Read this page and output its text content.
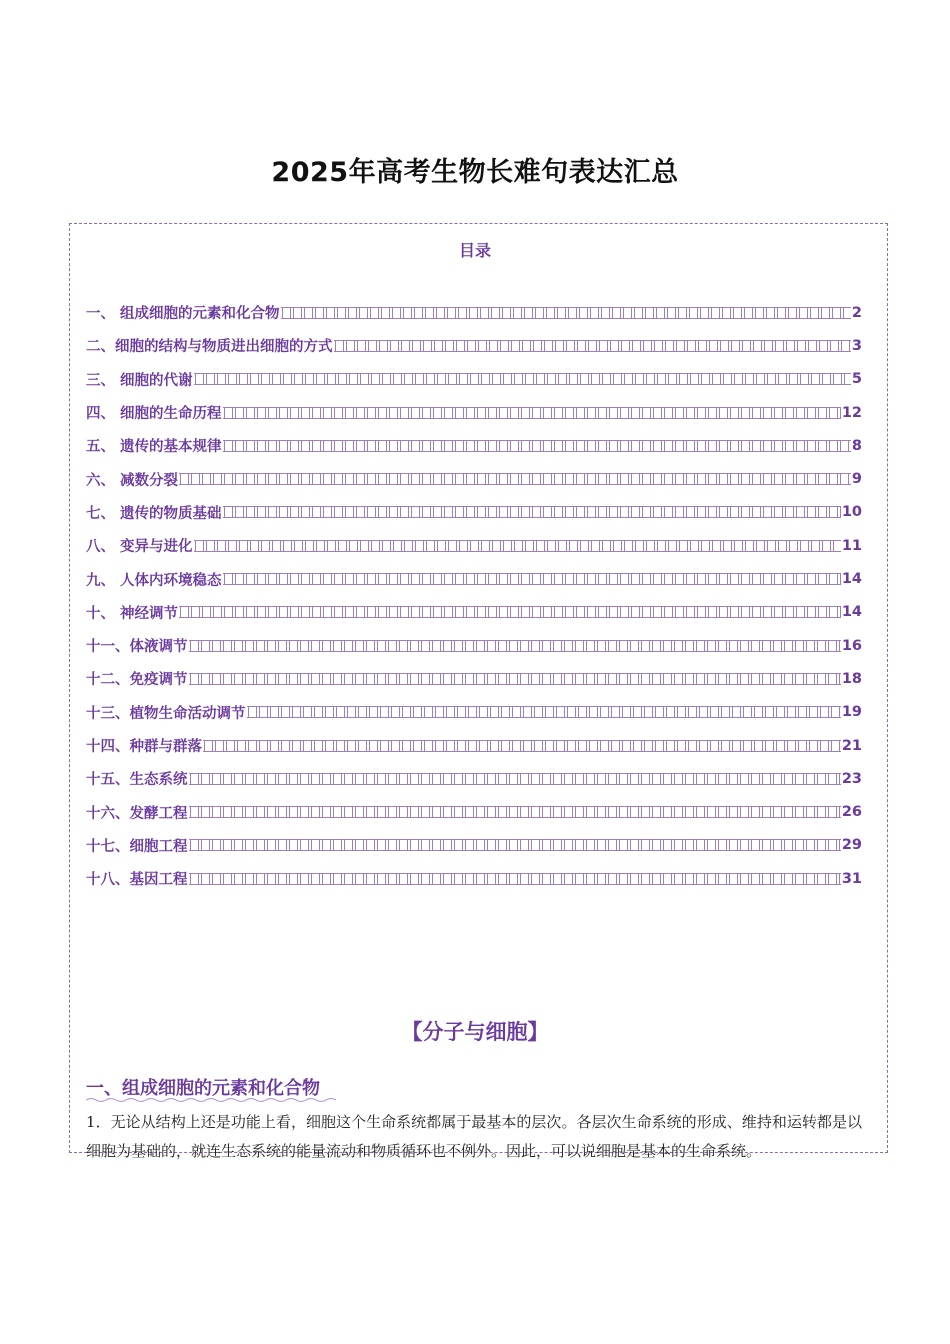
2025年高考生物长难句表达汇总
目录
一、 组成细胞的元素和化合物	2
二、细胞的结构与物质进出细胞的方式	3
三、 细胞的代谢	5
四、 细胞的生命历程	12
五、 遗传的基本规律	8
六、 减数分裂	9
七、 遗传的物质基础	10
八、 变异与进化	11
九、 人体内环境稳态	14
十、 神经调节	14
十一、体液调节	16
十二、免疫调节	18
十三、植物生命活动调节	19
十四、种群与群落	21
十五、生态系统	23
十六、发酵工程	26
十七、细胞工程	29
十八、基因工程	31
【分子与细胞】
一、组成细胞的元素和化合物

1．无论从结构上还是功能上看，细胞这个生命系统都属于最基本的层次。各层次生命系统的形成、维持和运转都是以细胞为基础的，就连生态系统的能量流动和物质循环也不例外。因此，可以说细胞是基本的生命系统。
